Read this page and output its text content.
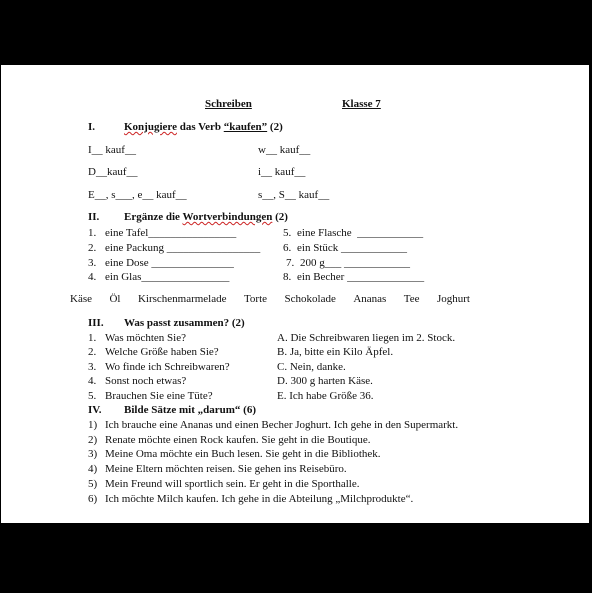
Schreiben	Klasse 7
I.	Konjugiere das Verb “kaufen” (2)
I__ kauf__	w__ kauf__
D__kauf__	i__ kauf__
E__, s___, e__ kauf__	s__, S__ kauf__
II. Ergänze die Wortverbindungen (2)
1. eine Tafel________________
2. eine Packung _________________
3. eine Dose _______________
4. ein Glas________________
5. eine Flasche  ____________
6. ein Stück ____________
7. 200 g___ ____________
8. ein Becher ______________
Käse Öl Kirschenmarmelade Torte Schokolade Ananas Tee Joghurt
III. Was passt zusammen? (2)
1. Was möchten Sie?
2. Welche Größe haben Sie?
3. Wo finde ich Schreibwaren?
4. Sonst noch etwas?
5. Brauchen Sie eine Tüte?
A. Die Schreibwaren liegen im 2. Stock.
B. Ja, bitte ein Kilo Äpfel.
C. Nein, danke.
D. 300 g harten Käse.
E. Ich habe Größe 36.
IV. Bilde Sätze mit „darum“ (6)
1) Ich brauche eine Ananas und einen Becher Joghurt. Ich gehe in den Supermarkt.
2) Renate möchte einen Rock kaufen. Sie geht in die Boutique.
3) Meine Oma möchte ein Buch lesen. Sie geht in die Bibliothek.
4) Meine Eltern möchten reisen. Sie gehen ins Reisebüro.
5) Mein Freund will sportlich sein. Er geht in die Sporthalle.
6) Ich möchte Milch kaufen. Ich gehe in die Abteilung „Milchprodukte“.
